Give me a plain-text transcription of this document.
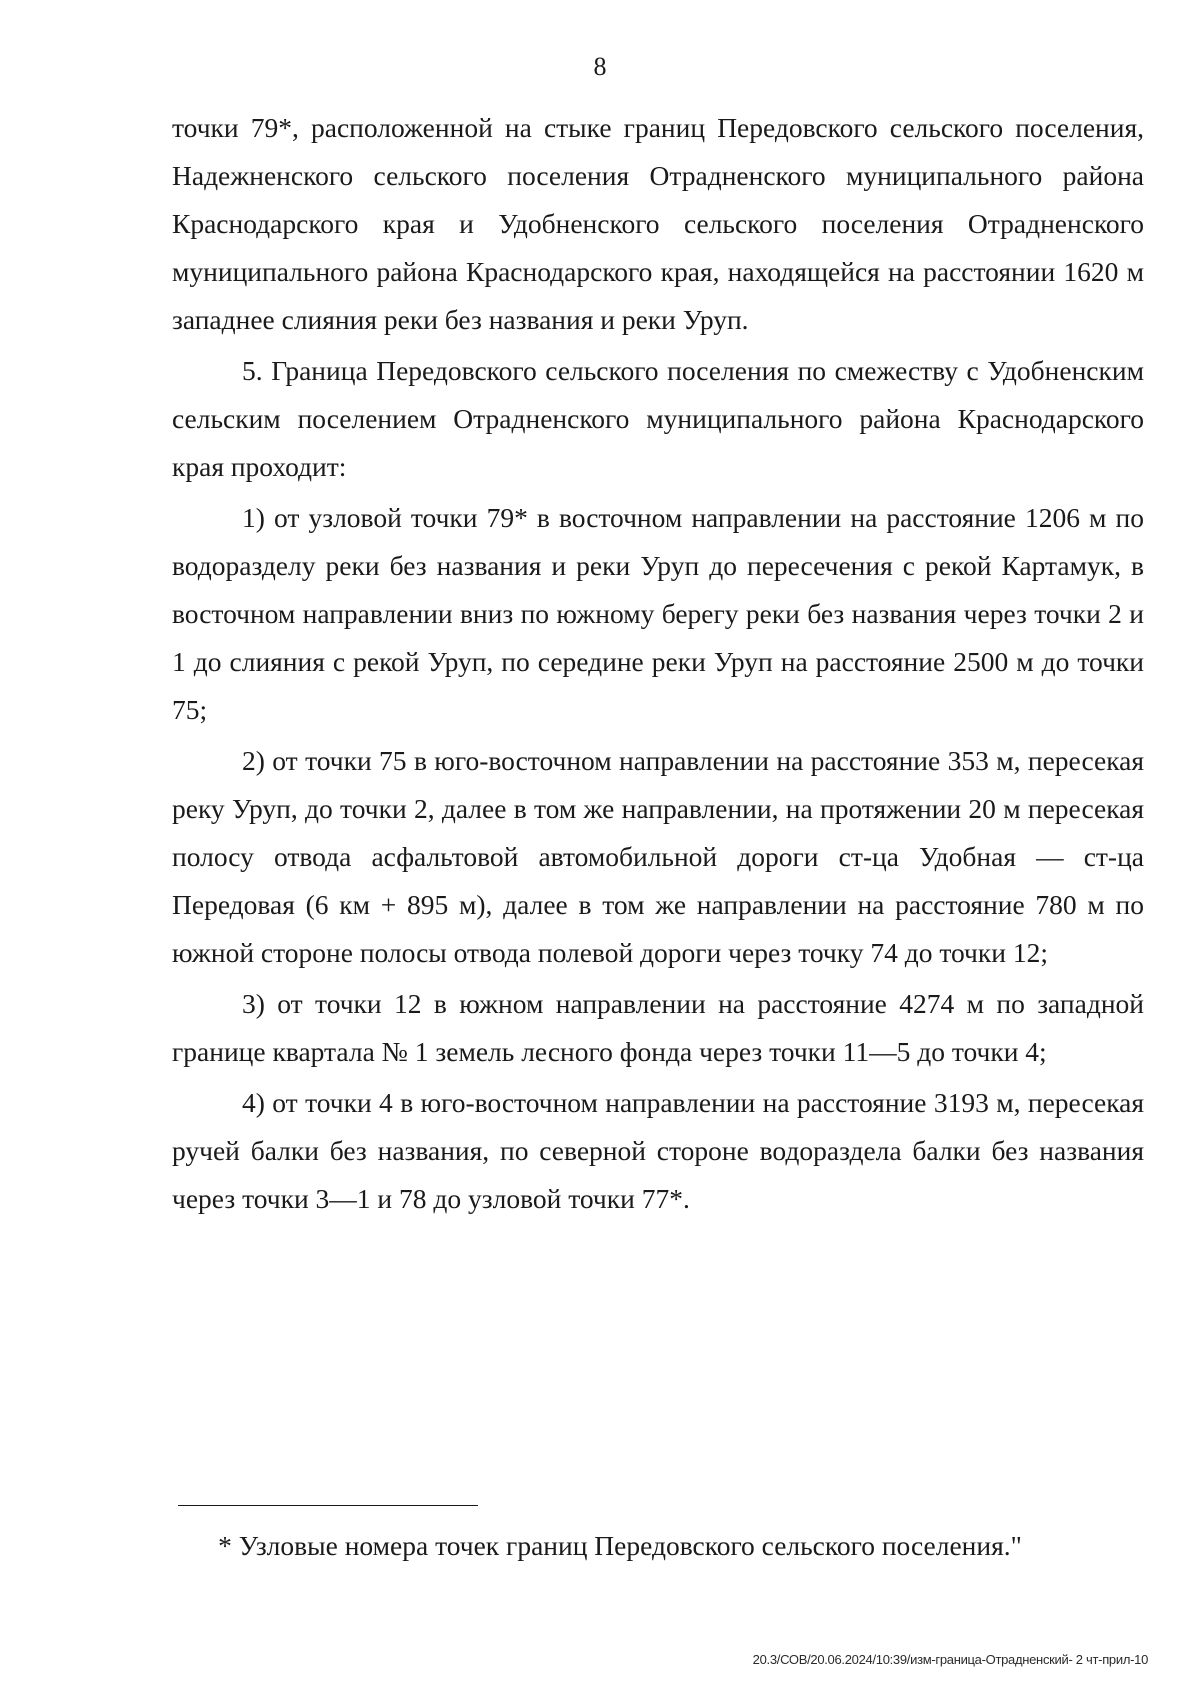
8

точки 79*, расположенной на стыке границ Передовского сельского поселения, Надежненского сельского поселения Отрадненского муниципального района Краснодарского края и Удобненского сельского поселения Отрадненского муниципального района Краснодарского края, находящейся на расстоянии 1620 м западнее слияния реки без названия и реки Уруп.

5. Граница Передовского сельского поселения по смежеству с Удобненским сельским поселением Отрадненского муниципального района Краснодарского края проходит:

1) от узловой точки 79* в восточном направлении на расстояние 1206 м по водоразделу реки без названия и реки Уруп до пересечения с рекой Картамук, в восточном направлении вниз по южному берегу реки без названия через точки 2 и 1 до слияния с рекой Уруп, по середине реки Уруп на расстояние 2500 м до точки 75;

2) от точки 75 в юго-восточном направлении на расстояние 353 м, пересекая реку Уруп, до точки 2, далее в том же направлении, на протяжении 20 м пересекая полосу отвода асфальтовой автомобильной дороги ст-ца Удобная — ст-ца Передовая (6 км + 895 м), далее в том же направлении на расстояние 780 м по южной стороне полосы отвода полевой дороги через точку 74 до точки 12;

3) от точки 12 в южном направлении на расстояние 4274 м по западной границе квартала № 1 земель лесного фонда через точки 11—5 до точки 4;

4) от точки 4 в юго-восточном направлении на расстояние 3193 м, пересекая ручей балки без названия, по северной стороне водораздела балки без названия через точки 3—1 и 78 до узловой точки 77*.

* Узловые номера точек границ Передовского сельского поселения."
20.3/СОВ/20.06.2024/10:39/изм-граница-Отрадненский- 2 чт-прил-10
